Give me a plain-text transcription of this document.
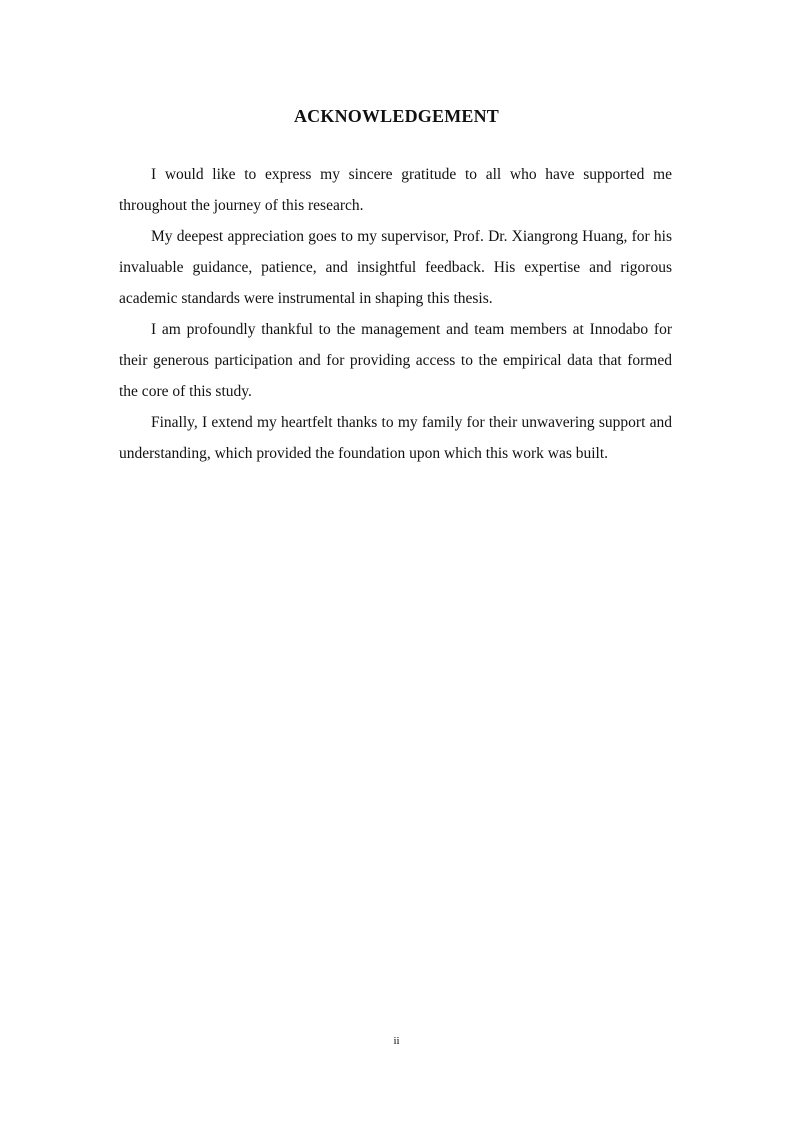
ACKNOWLEDGEMENT

I would like to express my sincere gratitude to all who have supported me throughout the journey of this research.

My deepest appreciation goes to my supervisor, Prof. Dr. Xiangrong Huang, for his invaluable guidance, patience, and insightful feedback. His expertise and rigorous academic standards were instrumental in shaping this thesis.

I am profoundly thankful to the management and team members at Innodabo for their generous participation and for providing access to the empirical data that formed the core of this study.

Finally, I extend my heartfelt thanks to my family for their unwavering support and understanding, which provided the foundation upon which this work was built.

ii
